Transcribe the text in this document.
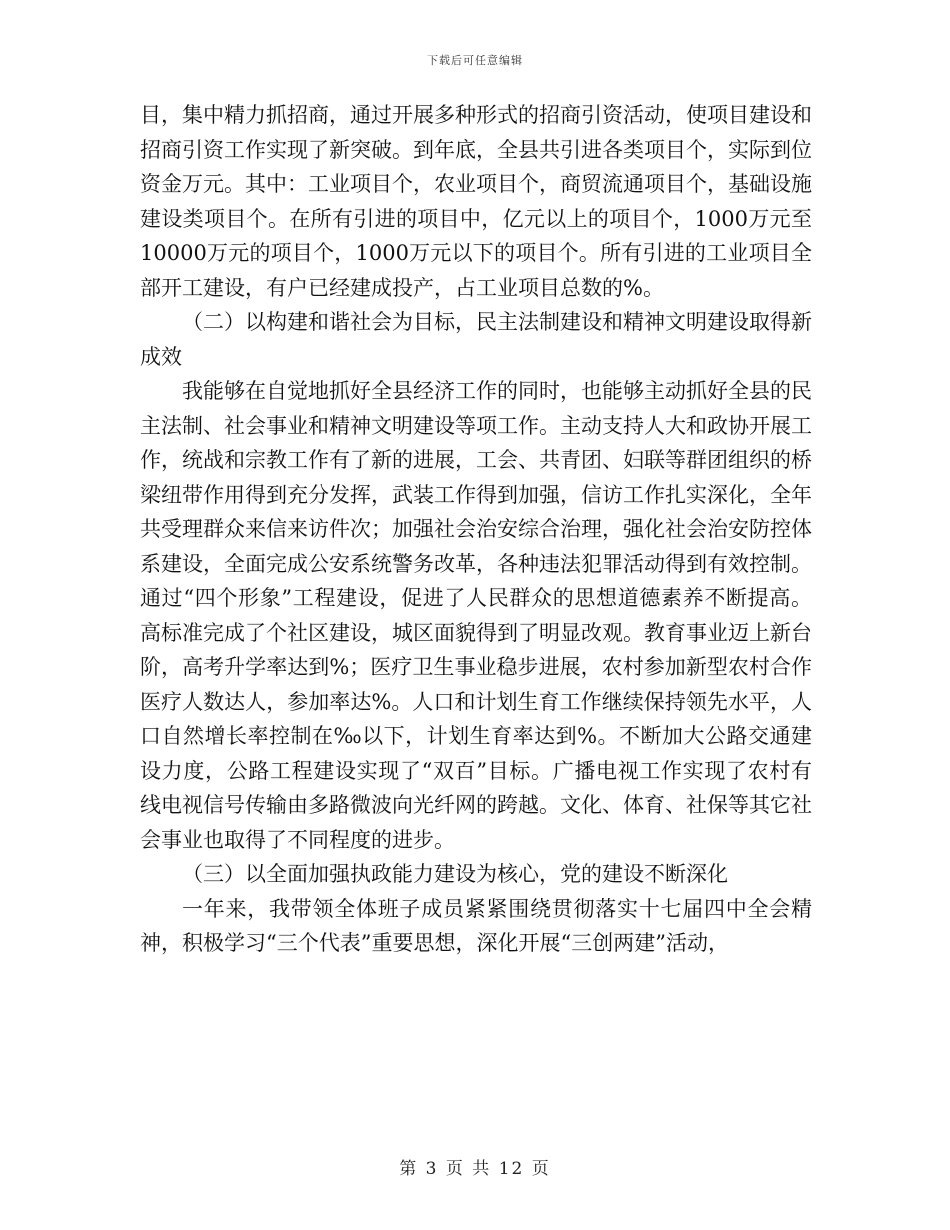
下载后可任意编辑

目，集中精力抓招商，通过开展多种形式的招商引资活动，使项目建设和招商引资工作实现了新突破。到年底，全县共引进各类项目个，实际到位资金万元。其中：工业项目个，农业项目个，商贸流通项目个，基础设施建设类项目个。在所有引进的项目中，亿元以上的项目个，1000万元至10000万元的项目个，1000万元以下的项目个。所有引进的工业项目全部开工建设，有户已经建成投产，占工业项目总数的%。

（二）以构建和谐社会为目标，民主法制建设和精神文明建设取得新成效

我能够在自觉地抓好全县经济工作的同时，也能够主动抓好全县的民主法制、社会事业和精神文明建设等项工作。主动支持人大和政协开展工作，统战和宗教工作有了新的进展，工会、共青团、妇联等群团组织的桥梁纽带作用得到充分发挥，武装工作得到加强，信访工作扎实深化，全年共受理群众来信来访件次；加强社会治安综合治理，强化社会治安防控体系建设，全面完成公安系统警务改革，各种违法犯罪活动得到有效控制。通过“四个形象”工程建设，促进了人民群众的思想道德素养不断提高。高标准完成了个社区建设，城区面貌得到了明显改观。教育事业迈上新台阶，高考升学率达到%；医疗卫生事业稳步进展，农村参加新型农村合作医疗人数达人，参加率达%。人口和计划生育工作继续保持领先水平，人口自然增长率控制在‰以下，计划生育率达到%。不断加大公路交通建设力度，公路工程建设实现了“双百”目标。广播电视工作实现了农村有线电视信号传输由多路微波向光纤网的跨越。文化、体育、社保等其它社会事业也取得了不同程度的进步。

（三）以全面加强执政能力建设为核心，党的建设不断深化

一年来，我带领全体班子成员紧紧围绕贯彻落实十七届四中全会精神，积极学习“三个代表”重要思想，深化开展“三创两建”活动，

第 3 页 共 12 页
